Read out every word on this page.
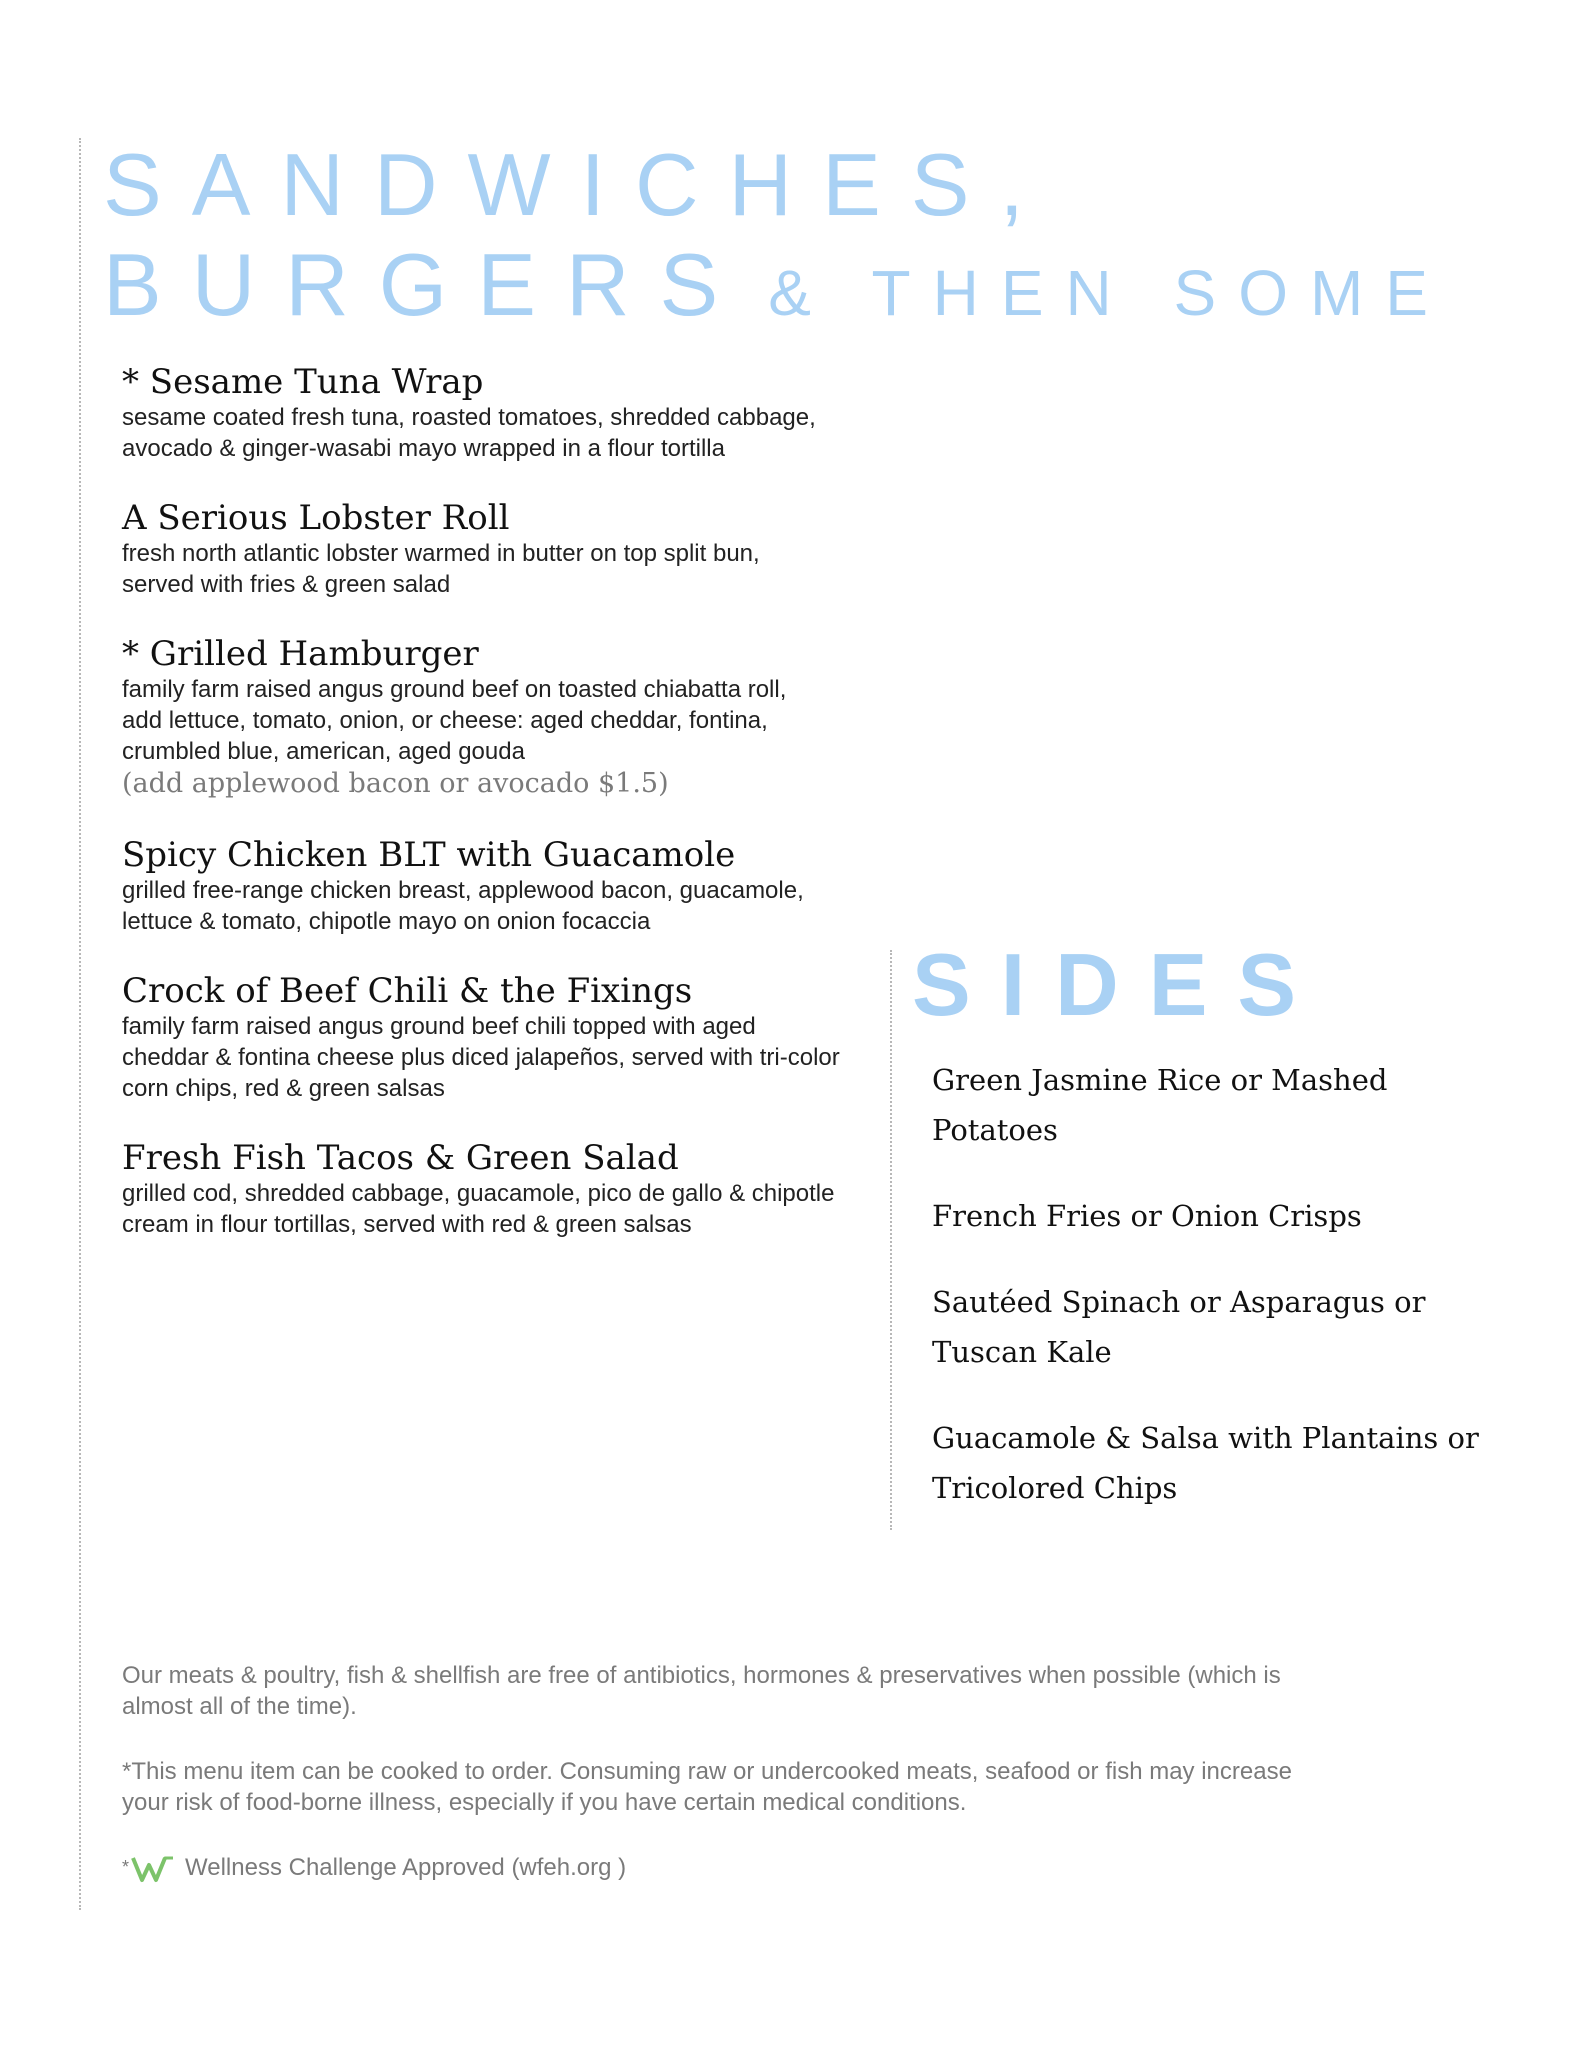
SANDWICHES,
BURGERS & THEN SOME

* Sesame Tuna Wrap

sesame coated fresh tuna, roasted tomatoes, shredded cabbage,

avocado & ginger-wasabi mayo wrapped in a flour tortilla

A Serious Lobster Roll

fresh north atlantic lobster warmed in butter on top split bun,

served with fries & green salad

* Grilled Hamburger

family farm raised angus ground beef on toasted chiabatta roll,

add lettuce, tomato, onion, or cheese: aged cheddar, fontina,

crumbled blue, american, aged gouda

(add applewood bacon or avocado $1.5)

Spicy Chicken BLT with Guacamole

grilled free-range chicken breast, applewood bacon, guacamole,

lettuce & tomato, chipotle mayo on onion focaccia

Crock of Beef Chili & the Fixings

family farm raised angus ground beef chili topped with aged

cheddar & fontina cheese plus diced jalapeños, served with tri-color

corn chips, red & green salsas

Fresh Fish Tacos & Green Salad

grilled cod, shredded cabbage, guacamole, pico de gallo & chipotle

cream in flour tortillas, served with red & green salsas

SIDES

Green Jasmine Rice or Mashed
Potatoes

French Fries or Onion Crisps

Sautéed Spinach or Asparagus or
Tuscan Kale

Guacamole & Salsa with Plantains or
Tricolored Chips

Our meats & poultry, fish & shellfish are free of antibiotics, hormones & preservatives when possible (which is
almost all of the time).

*This menu item can be cooked to order. Consuming raw or undercooked meats, seafood or fish may increase
your risk of food-borne illness, especially if you have certain medical conditions.

* Wellness Challenge Approved (wfeh.org )
